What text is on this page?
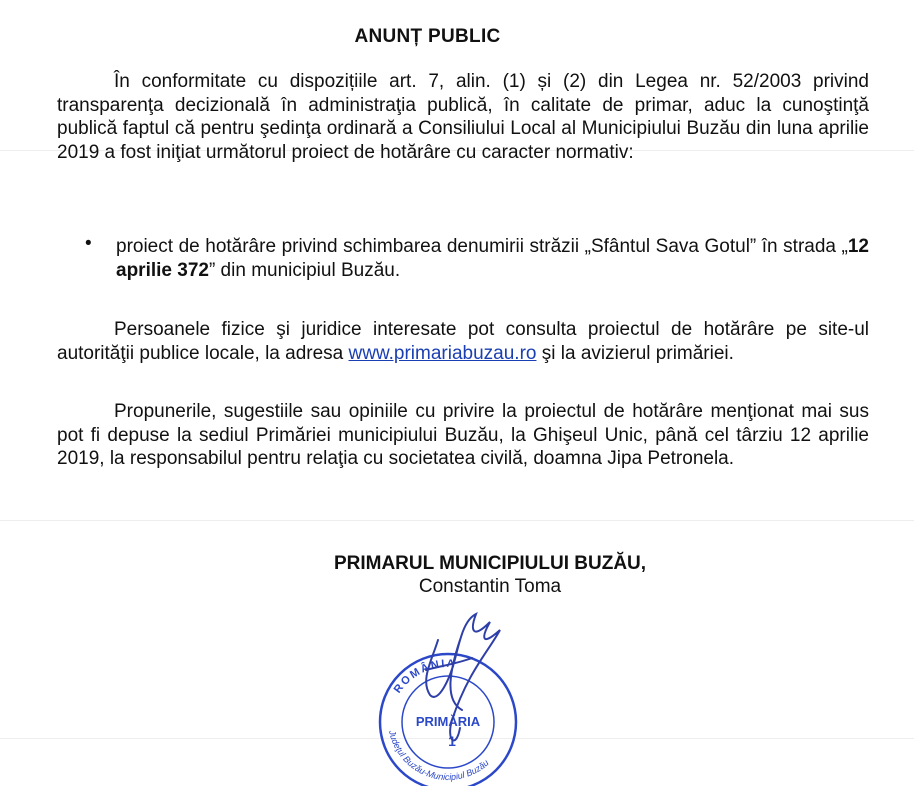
ANUNȚ PUBLIC

În conformitate cu dispozițiile art. 7, alin. (1) și (2) din Legea nr. 52/2003 privind transparenţa decizională în administraţia publică, în calitate de primar, aduc la cunoştinţă publică faptul că pentru şedinţa ordinară a Consiliului Local al Municipiului Buzău din luna aprilie 2019 a fost iniţiat următorul proiect de hotărâre cu caracter normativ:

• proiect de hotărâre privind schimbarea denumirii străzii „Sfântul Sava Gotul” în strada „12 aprilie 372” din municipiul Buzău.

Persoanele fizice şi juridice interesate pot consulta proiectul de hotărâre pe site-ul autorităţii publice locale, la adresa www.primariabuzau.ro şi la avizierul primăriei.

Propunerile, sugestiile sau opiniile cu privire la proiectul de hotărâre menţionat mai sus pot fi depuse la sediul Primăriei municipiului Buzău, la Ghişeul Unic, până cel târziu 12 aprilie 2019, la responsabilul pentru relaţia cu societatea civilă, doamna Jipa Petronela.

PRIMARUL MUNICIPIULUI BUZĂU,
Constantin Toma
ROMÂNIA
Judeţul Buzău-Municipiul Buzău
PRIMĂRIA
1
